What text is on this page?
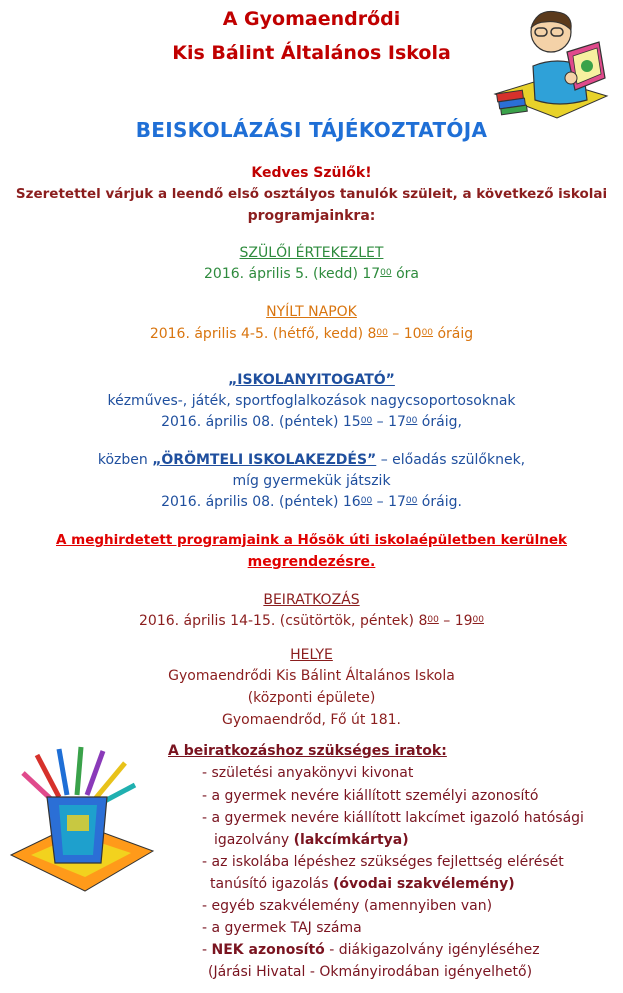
A Gyomaendrődi
Kis Bálint Általános Iskola
BEISKOLÁZÁSI TÁJÉKOZTATÓJA
Kedves Szülők!
Szeretettel várjuk a leendő első osztályos tanulók szüleit, a következő iskolai
programjainkra:
SZÜLŐI ÉRTEKEZLET
2016. április 5. (kedd) $17^{00}$ óra
NYÍLT NAPOK
2016. április 4-5. (hétfő, kedd) $8^{00} - 10^{00}$ óráig
„ISKOLANYITOGATÓ”
kézműves-, játék, sportfoglalkozások nagycsoportosoknak
2016. április 08. (péntek) $15^{00} - 17^{00}$ óráig,
közben „ÖRÖMTELI ISKOLAKEZDÉS” – előadás szülőknek,
míg gyermekük játszik
2016. április 08. (péntek) $16^{00} - 17^{00}$ óráig.
A meghirdetett programjaink a Hősök úti iskolaépületben kerülnek
megrendezésre.
BEIRATKOZÁS
2016. április 14-15. (csütörtök, péntek) $8^{00} - 19^{00}$
HELYE
Gyomaendrődi Kis Bálint Általános Iskola
(központi épülete)
Gyomaendrőd, Fő út 181.
A beiratkozáshoz szükséges iratok:
- születési anyakönyvi kivonat
- a gyermek nevére kiállított személyi azonosító
- a gyermek nevére kiállított lakcímet igazoló hatósági
igazolvány (lakcímkártya)
- az iskolába lépéshez szükséges fejlettség elérését
tanúsító igazolás (óvodai szakvélemény)
- egyéb szakvélemény (amennyiben van)
- a gyermek TAJ száma
- NEK azonosító - diákigazolvány igényléséhez
(Járási Hivatal - Okmányirodában igényelhető)
